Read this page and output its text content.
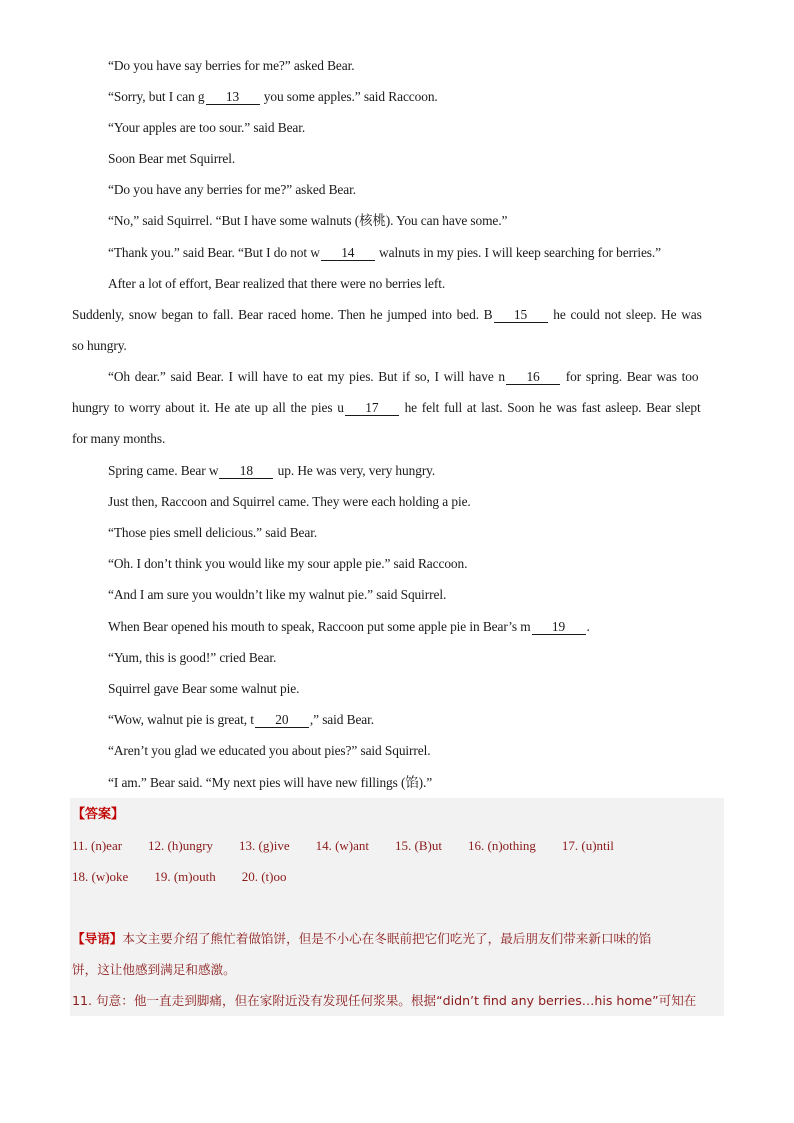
“Do you have say berries for me?” asked Bear.
“Sorry, but I can g 13 you some apples.” said Raccoon.
“Your apples are too sour.” said Bear.
Soon Bear met Squirrel.
“Do you have any berries for me?” asked Bear.
“No,” said Squirrel. “But I have some walnuts (核桃). You can have some.”
“Thank you.” said Bear. “But I do not w 14 walnuts in my pies. I will keep searching for berries.”
After a lot of effort, Bear realized that there were no berries left.
Suddenly, snow began to fall. Bear raced home. Then he jumped into bed. B 15 he could not sleep. He was
so hungry.
“Oh dear.” said Bear. I will have to eat my pies. But if so, I will have n 16 for spring. Bear was too
hungry to worry about it. He ate up all the pies u 17 he felt full at last. Soon he was fast asleep. Bear slept
for many months.
Spring came. Bear w 18 up. He was very, very hungry.
Just then, Raccoon and Squirrel came. They were each holding a pie.
“Those pies smell delicious.” said Bear.
“Oh. I don’t think you would like my sour apple pie.” said Raccoon.
“And I am sure you wouldn’t like my walnut pie.” said Squirrel.
When Bear opened his mouth to speak, Raccoon put some apple pie in Bear’s m 19 .
“Yum, this is good!” cried Bear.
Squirrel gave Bear some walnut pie.
“Wow, walnut pie is great, t 20 ,” said Bear.
“Aren’t you glad we educated you about pies?” said Squirrel.
“I am.” Bear said. “My next pies will have new fillings (馅).”
【答案】
11. (n)ear 12. (h)ungry 13. (g)ive 14. (w)ant 15. (B)ut 16. (n)othing 17. (u)ntil
18. (w)oke 19. (m)outh 20. (t)oo
【导语】本文主要介绍了熊忙着做馅饼，但是不小心在冬眠前把它们吃光了，最后朋友们带来新口味的馅
饼，这让他感到满足和感激。
11. 句意：他一直走到脚痛，但在家附近没有发现任何浆果。根据“didn’t find any berries…his home”可知在
